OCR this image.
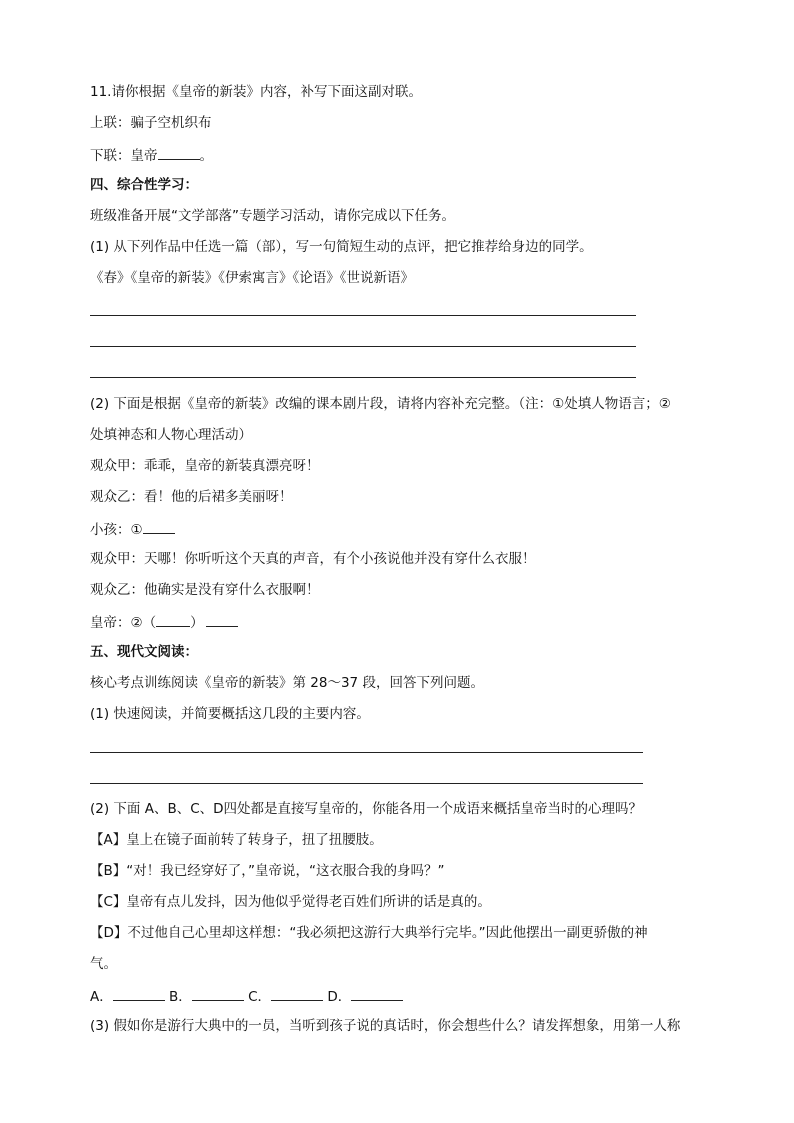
11.请你根据《皇帝的新装》内容，补写下面这副对联。
上联：骗子空机织布
下联：皇帝	。
四、综合性学习：
班级准备开展“文学部落”专题学习活动，请你完成以下任务。
(1) 从下列作品中任选一篇（部），写一句简短生动的点评，把它推荐给身边的同学。
《春》《皇帝的新装》《伊索寓言》《论语》《世说新语》
(2) 下面是根据《皇帝的新装》改编的课本剧片段，请将内容补充完整。（注：①处填人物语言；②
处填神态和人物心理活动）
观众甲：乖乖，皇帝的新装真漂亮呀！
观众乙：看！他的后裙多美丽呀！
小孩：①
观众甲：天哪！你听听这个天真的声音，有个小孩说他并没有穿什么衣服！
观众乙：他确实是没有穿什么衣服啊！
皇帝：②（	）
五、现代文阅读：
核心考点训练阅读《皇帝的新装》第 28～37 段，回答下列问题。
(1) 快速阅读，并简要概括这几段的主要内容。
(2) 下面 A、B、C、D四处都是直接写皇帝的，你能各用一个成语来概括皇帝当时的心理吗？
【A】皇上在镜子面前转了转身子，扭了扭腰肢。
【B】“对！我已经穿好了，”皇帝说，“这衣服合我的身吗？”
【C】皇帝有点儿发抖，因为他似乎觉得老百姓们所讲的话是真的。
【D】不过他自己心里却这样想：“我必须把这游行大典举行完毕。”因此他摆出一副更骄傲的神
气。
A．	B．	C．	D．
(3) 假如你是游行大典中的一员，当听到孩子说的真话时，你会想些什么？请发挥想象，用第一人称
